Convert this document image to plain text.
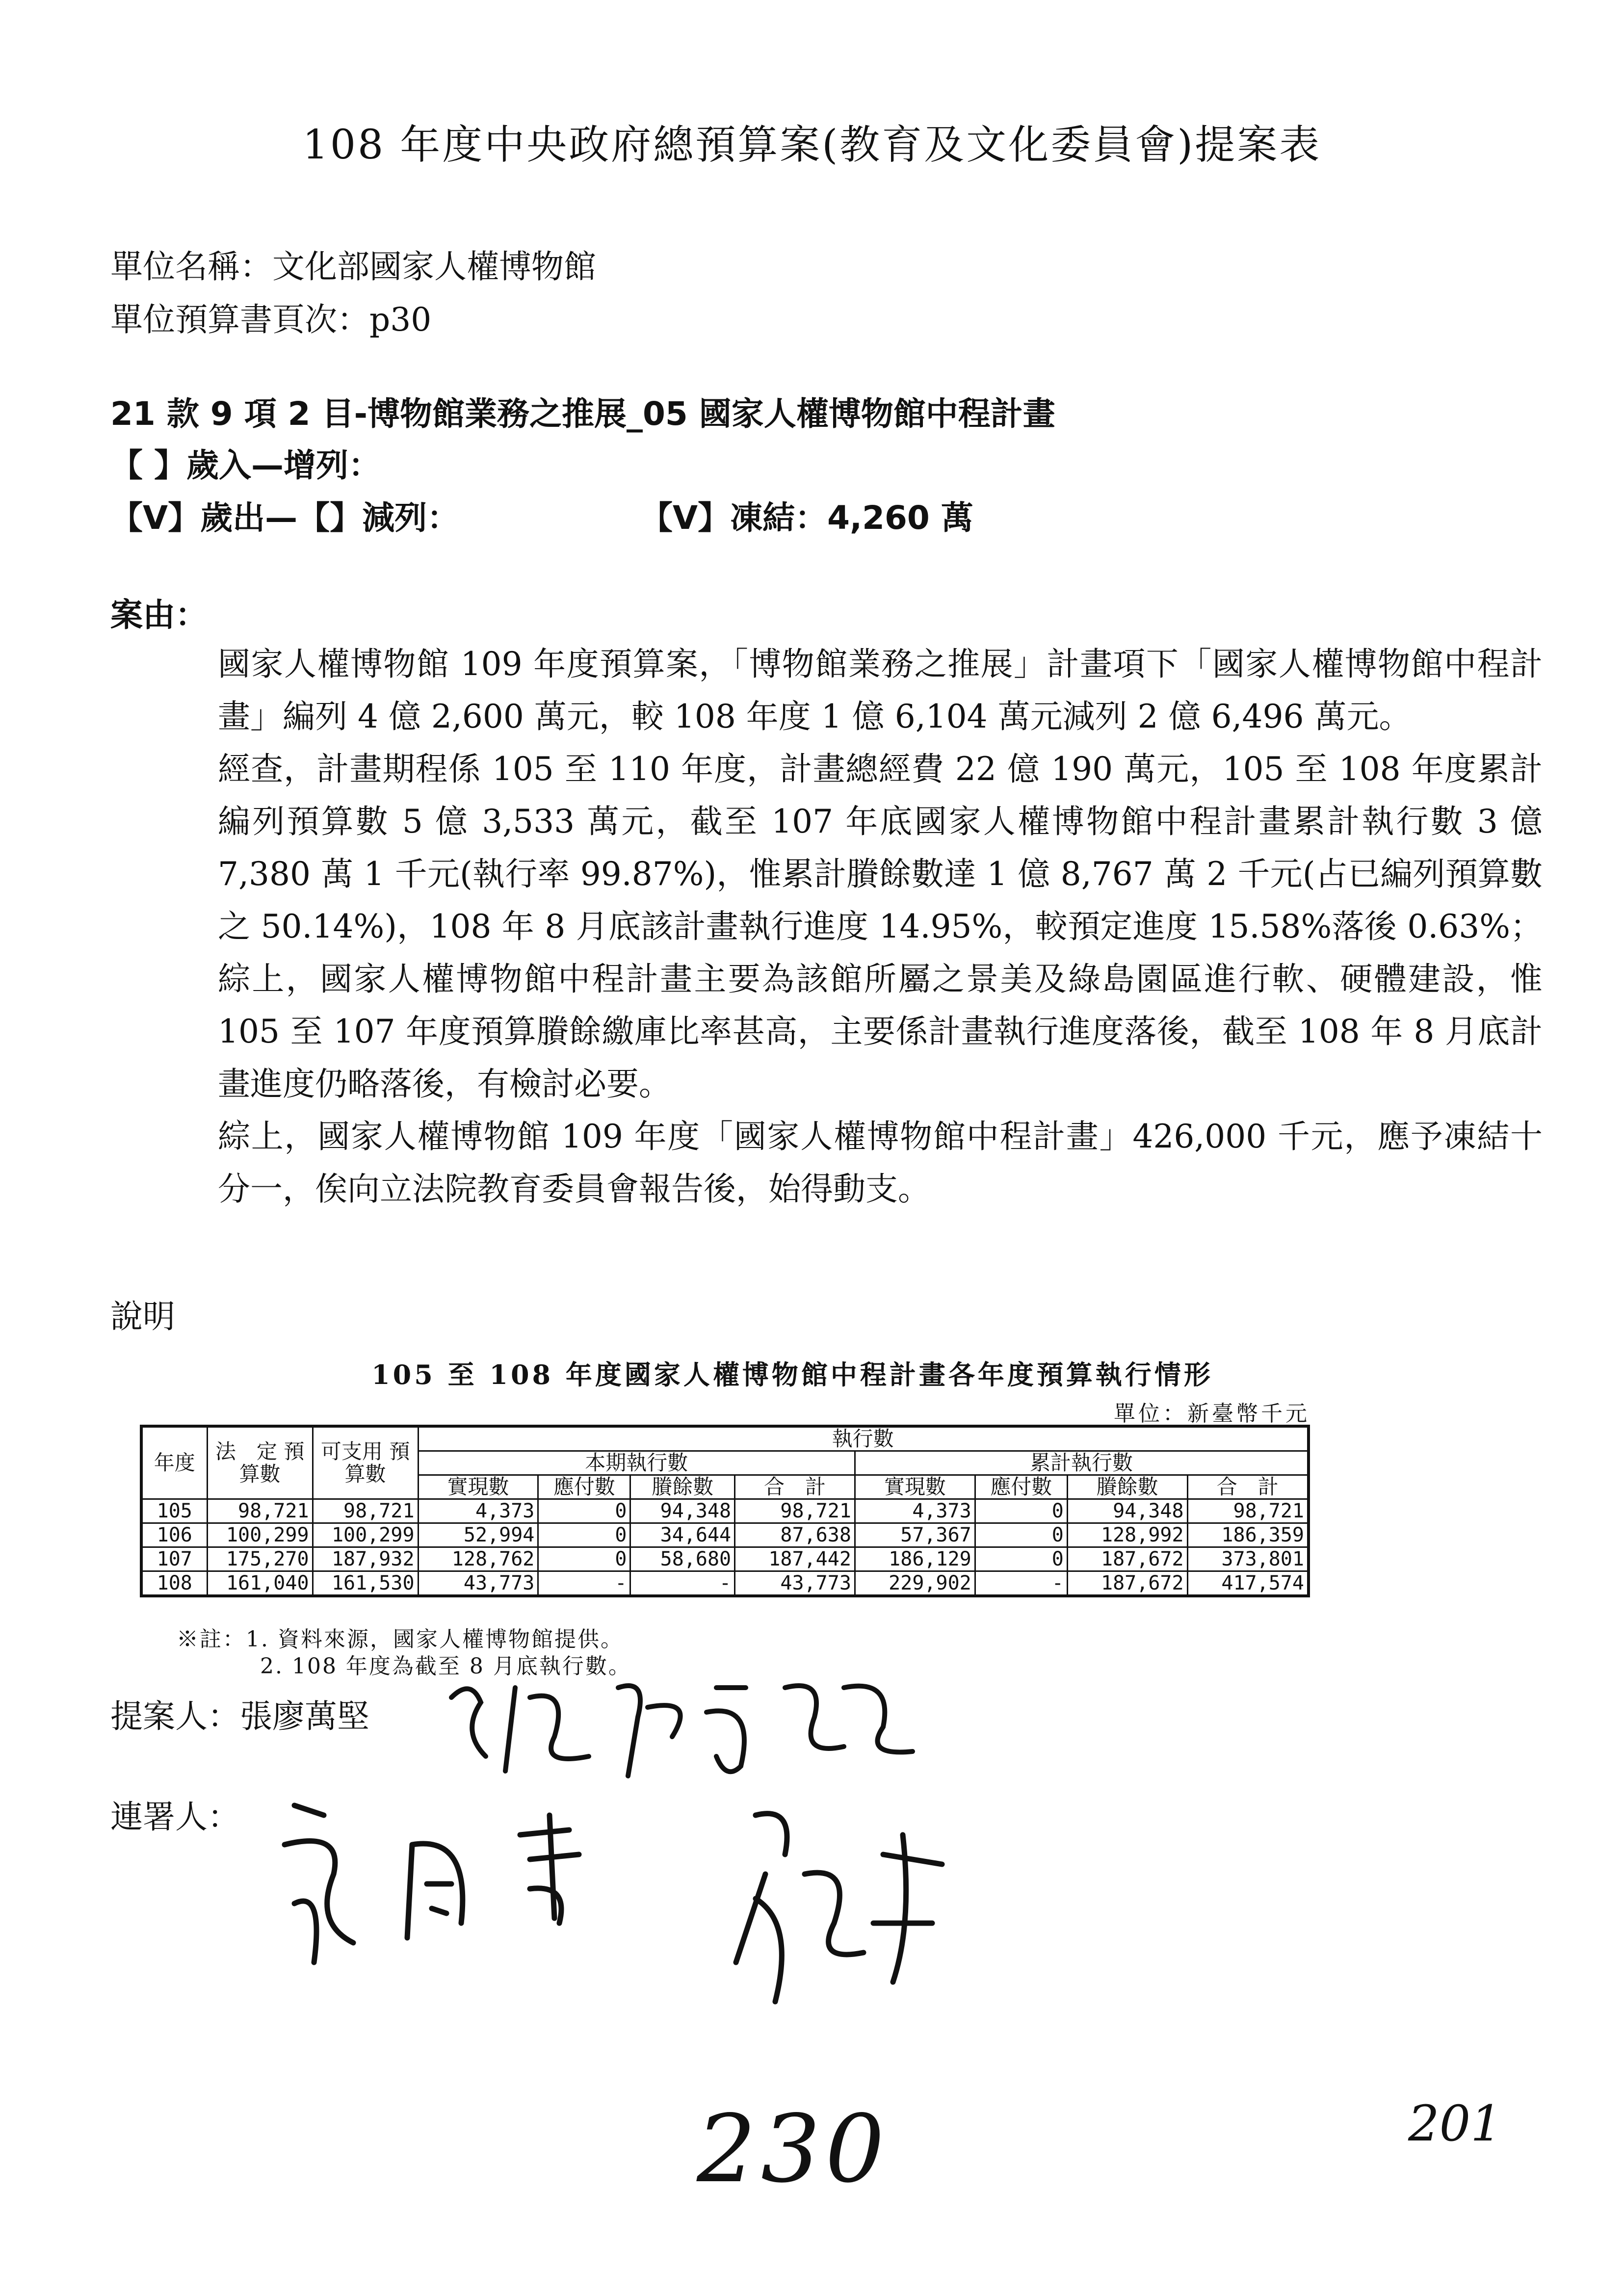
108 年度中央政府總預算案(教育及文化委員會)提案表
單位名稱：文化部國家人權博物館
單位預算書頁次：p30
21 款 9 項 2 目-博物館業務之推展_05 國家人權博物館中程計畫
【 】歲入—增列：
【V】歲出—【】減列：	【V】凍結：4,260 萬
案由：

國家人權博物館 109 年度預算案，「博物館業務之推展」計畫項下「國家人權博物館中程計畫」編列 4 億 2,600 萬元，較 108 年度 1 億 6,104 萬元減列 2 億 6,496 萬元。

經查，計畫期程係 105 至 110 年度，計畫總經費 22 億 190 萬元，105 至 108 年度累計編列預算數 5 億 3,533 萬元，截至 107 年底國家人權博物館中程計畫累計執行數 3 億 7,380 萬 1 千元(執行率 99.87%)，惟累計賸餘數達 1 億 8,767 萬 2 千元(占已編列預算數之 50.14%)，108 年 8 月底該計畫執行進度 14.95%，較預定進度 15.58%落後 0.63%；綜上，國家人權博物館中程計畫主要為該館所屬之景美及綠島園區進行軟、硬體建設，惟 105 至 107 年度預算賸餘繳庫比率甚高，主要係計畫執行進度落後，截至 108 年 8 月底計畫進度仍略落後，有檢討必要。

綜上，國家人權博物館 109 年度「國家人權博物館中程計畫」426,000 千元，應予凍結十分一，俟向立法院教育委員會報告後，始得動支。

說明
105 至 108 年度國家人權博物館中程計畫各年度預算執行情形
單位：新臺幣千元
年度	法　定 預算數	可支用 預算數	執行數							
			本期執行數				累計執行數			
			實現數	應付數	賸餘數	合　計	實現數	應付數	賸餘數	合　計
105	98,721	98,721	4,373	0	94,348	98,721	4,373	0	94,348	98,721
106	100,299	100,299	52,994	0	34,644	87,638	57,367	0	128,992	186,359
107	175,270	187,932	128,762	0	58,680	187,442	186,129	0	187,672	373,801
108	161,040	161,530	43,773	-	-	43,773	229,902	-	187,672	417,574
※註：1. 資料來源，國家人權博物館提供。
2. 108 年度為截至 8 月底執行數。
提案人：張廖萬堅
連署人：
230	201
